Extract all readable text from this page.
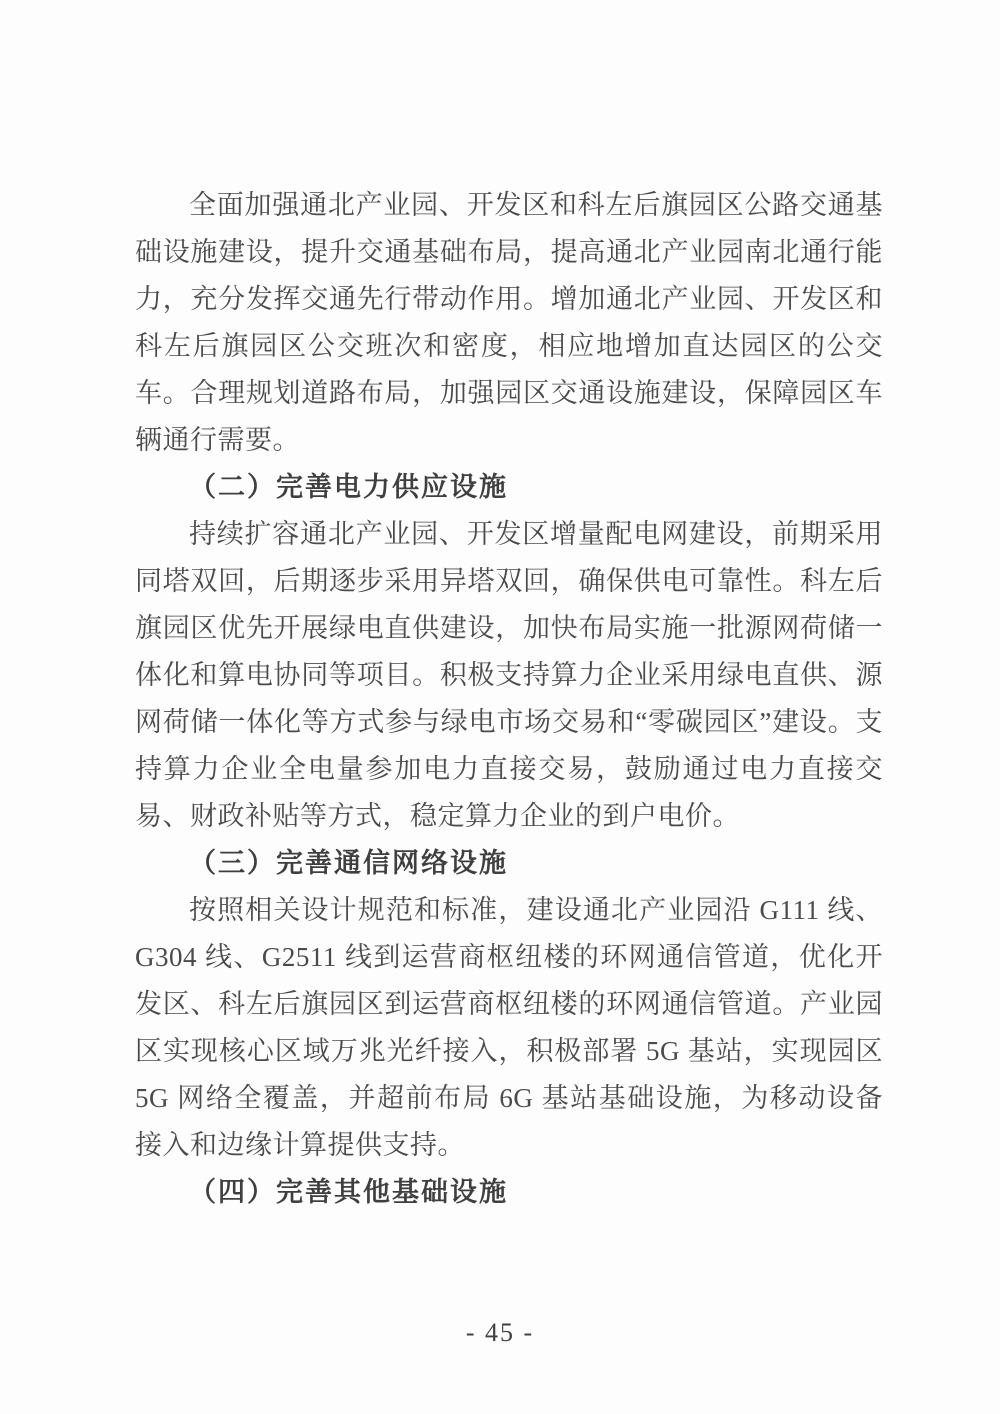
全面加强通北产业园、开发区和科左后旗园区公路交通基础设施建设，提升交通基础布局，提高通北产业园南北通行能力，充分发挥交通先行带动作用。增加通北产业园、开发区和科左后旗园区公交班次和密度，相应地增加直达园区的公交车。合理规划道路布局，加强园区交通设施建设，保障园区车辆通行需要。

（二）完善电力供应设施

持续扩容通北产业园、开发区增量配电网建设，前期采用同塔双回，后期逐步采用异塔双回，确保供电可靠性。科左后旗园区优先开展绿电直供建设，加快布局实施一批源网荷储一体化和算电协同等项目。积极支持算力企业采用绿电直供、源网荷储一体化等方式参与绿电市场交易和“零碳园区”建设。支持算力企业全电量参加电力直接交易，鼓励通过电力直接交易、财政补贴等方式，稳定算力企业的到户电价。

（三）完善通信网络设施

按照相关设计规范和标准，建设通北产业园沿 G111 线、G304 线、G2511 线到运营商枢纽楼的环网通信管道，优化开发区、科左后旗园区到运营商枢纽楼的环网通信管道。产业园区实现核心区域万兆光纤接入，积极部署 5G 基站，实现园区 5G 网络全覆盖，并超前布局 6G 基站基础设施，为移动设备接入和边缘计算提供支持。

（四）完善其他基础设施

- 45 -
